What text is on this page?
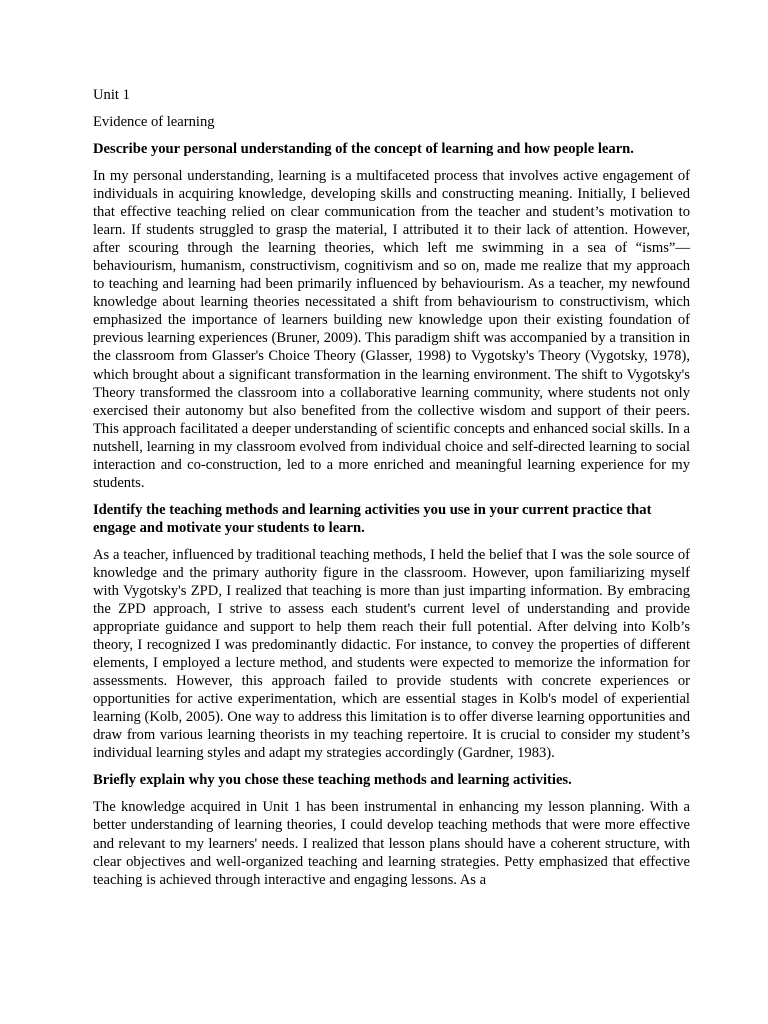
Unit 1

Evidence of learning

Describe your personal understanding of the concept of learning and how people learn.

In my personal understanding, learning is a multifaceted process that involves active engagement of individuals in acquiring knowledge, developing skills and constructing meaning. Initially, I believed that effective teaching relied on clear communication from the teacher and student’s motivation to learn. If students struggled to grasp the material, I attributed it to their lack of attention. However, after scouring through the learning theories, which left me swimming in a sea of “isms”— behaviourism, humanism, constructivism, cognitivism and so on, made me realize that my approach to teaching and learning had been primarily influenced by behaviourism. As a teacher, my newfound knowledge about learning theories necessitated a shift from behaviourism to constructivism, which emphasized the importance of learners building new knowledge upon their existing foundation of previous learning experiences (Bruner, 2009). This paradigm shift was accompanied by a transition in the classroom from Glasser's Choice Theory (Glasser, 1998) to Vygotsky's Theory (Vygotsky, 1978), which brought about a significant transformation in the learning environment. The shift to Vygotsky's Theory transformed the classroom into a collaborative learning community, where students not only exercised their autonomy but also benefited from the collective wisdom and support of their peers. This approach facilitated a deeper understanding of scientific concepts and enhanced social skills. In a nutshell, learning in my classroom evolved from individual choice and self-directed learning to social interaction and co-construction, led to a more enriched and meaningful learning experience for my students.

Identify the teaching methods and learning activities you use in your current practice that engage and motivate your students to learn.

As a teacher, influenced by traditional teaching methods, I held the belief that I was the sole source of knowledge and the primary authority figure in the classroom. However, upon familiarizing myself with Vygotsky's ZPD, I realized that teaching is more than just imparting information. By embracing the ZPD approach, I strive to assess each student's current level of understanding and provide appropriate guidance and support to help them reach their full potential. After delving into Kolb’s theory, I recognized I was predominantly didactic. For instance, to convey the properties of different elements, I employed a lecture method, and students were expected to memorize the information for assessments. However, this approach failed to provide students with concrete experiences or opportunities for active experimentation, which are essential stages in Kolb's model of experiential learning (Kolb, 2005). One way to address this limitation is to offer diverse learning opportunities and draw from various learning theorists in my teaching repertoire. It is crucial to consider my student’s individual learning styles and adapt my strategies accordingly (Gardner, 1983).

Briefly explain why you chose these teaching methods and learning activities.

The knowledge acquired in Unit 1 has been instrumental in enhancing my lesson planning. With a better understanding of learning theories, I could develop teaching methods that were more effective and relevant to my learners' needs. I realized that lesson plans should have a coherent structure, with clear objectives and well-organized teaching and learning strategies. Petty emphasized that effective teaching is achieved through interactive and engaging lessons. As a
